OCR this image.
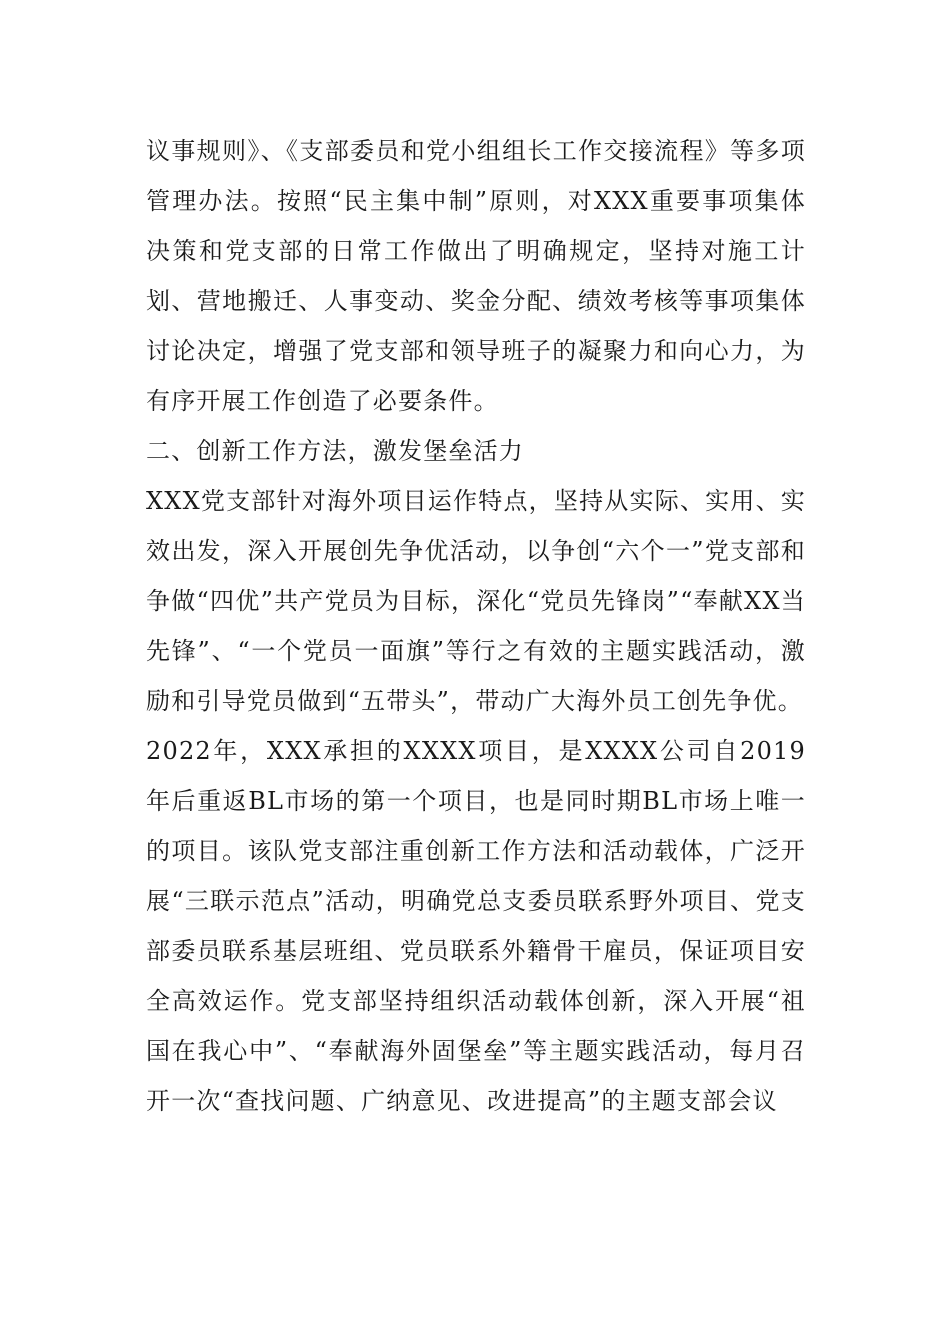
议事规则》、《支部委员和党小组组长工作交接流程》等多项管理办法。按照“民主集中制”原则，对XXX重要事项集体决策和党支部的日常工作做出了明确规定，坚持对施工计划、营地搬迁、人事变动、奖金分配、绩效考核等事项集体讨论决定，增强了党支部和领导班子的凝聚力和向心力，为有序开展工作创造了必要条件。

二、创新工作方法，激发堡垒活力

XXX党支部针对海外项目运作特点，坚持从实际、实用、实效出发，深入开展创先争优活动，以争创“六个一”党支部和争做“四优”共产党员为目标，深化“党员先锋岗”“奉献XX当先锋”、“一个党员一面旗”等行之有效的主题实践活动，激励和引导党员做到“五带头”，带动广大海外员工创先争优。

2022年，XXX承担的XXXX项目，是XXXX公司自2019年后重返BL市场的第一个项目，也是同时期BL市场上唯一的项目。该队党支部注重创新工作方法和活动载体，广泛开展“三联示范点”活动，明确党总支委员联系野外项目、党支部委员联系基层班组、党员联系外籍骨干雇员，保证项目安全高效运作。党支部坚持组织活动载体创新，深入开展“祖国在我心中”、“奉献海外固堡垒”等主题实践活动，每月召开一次“查找问题、广纳意见、改进提高”的主题支部会议
